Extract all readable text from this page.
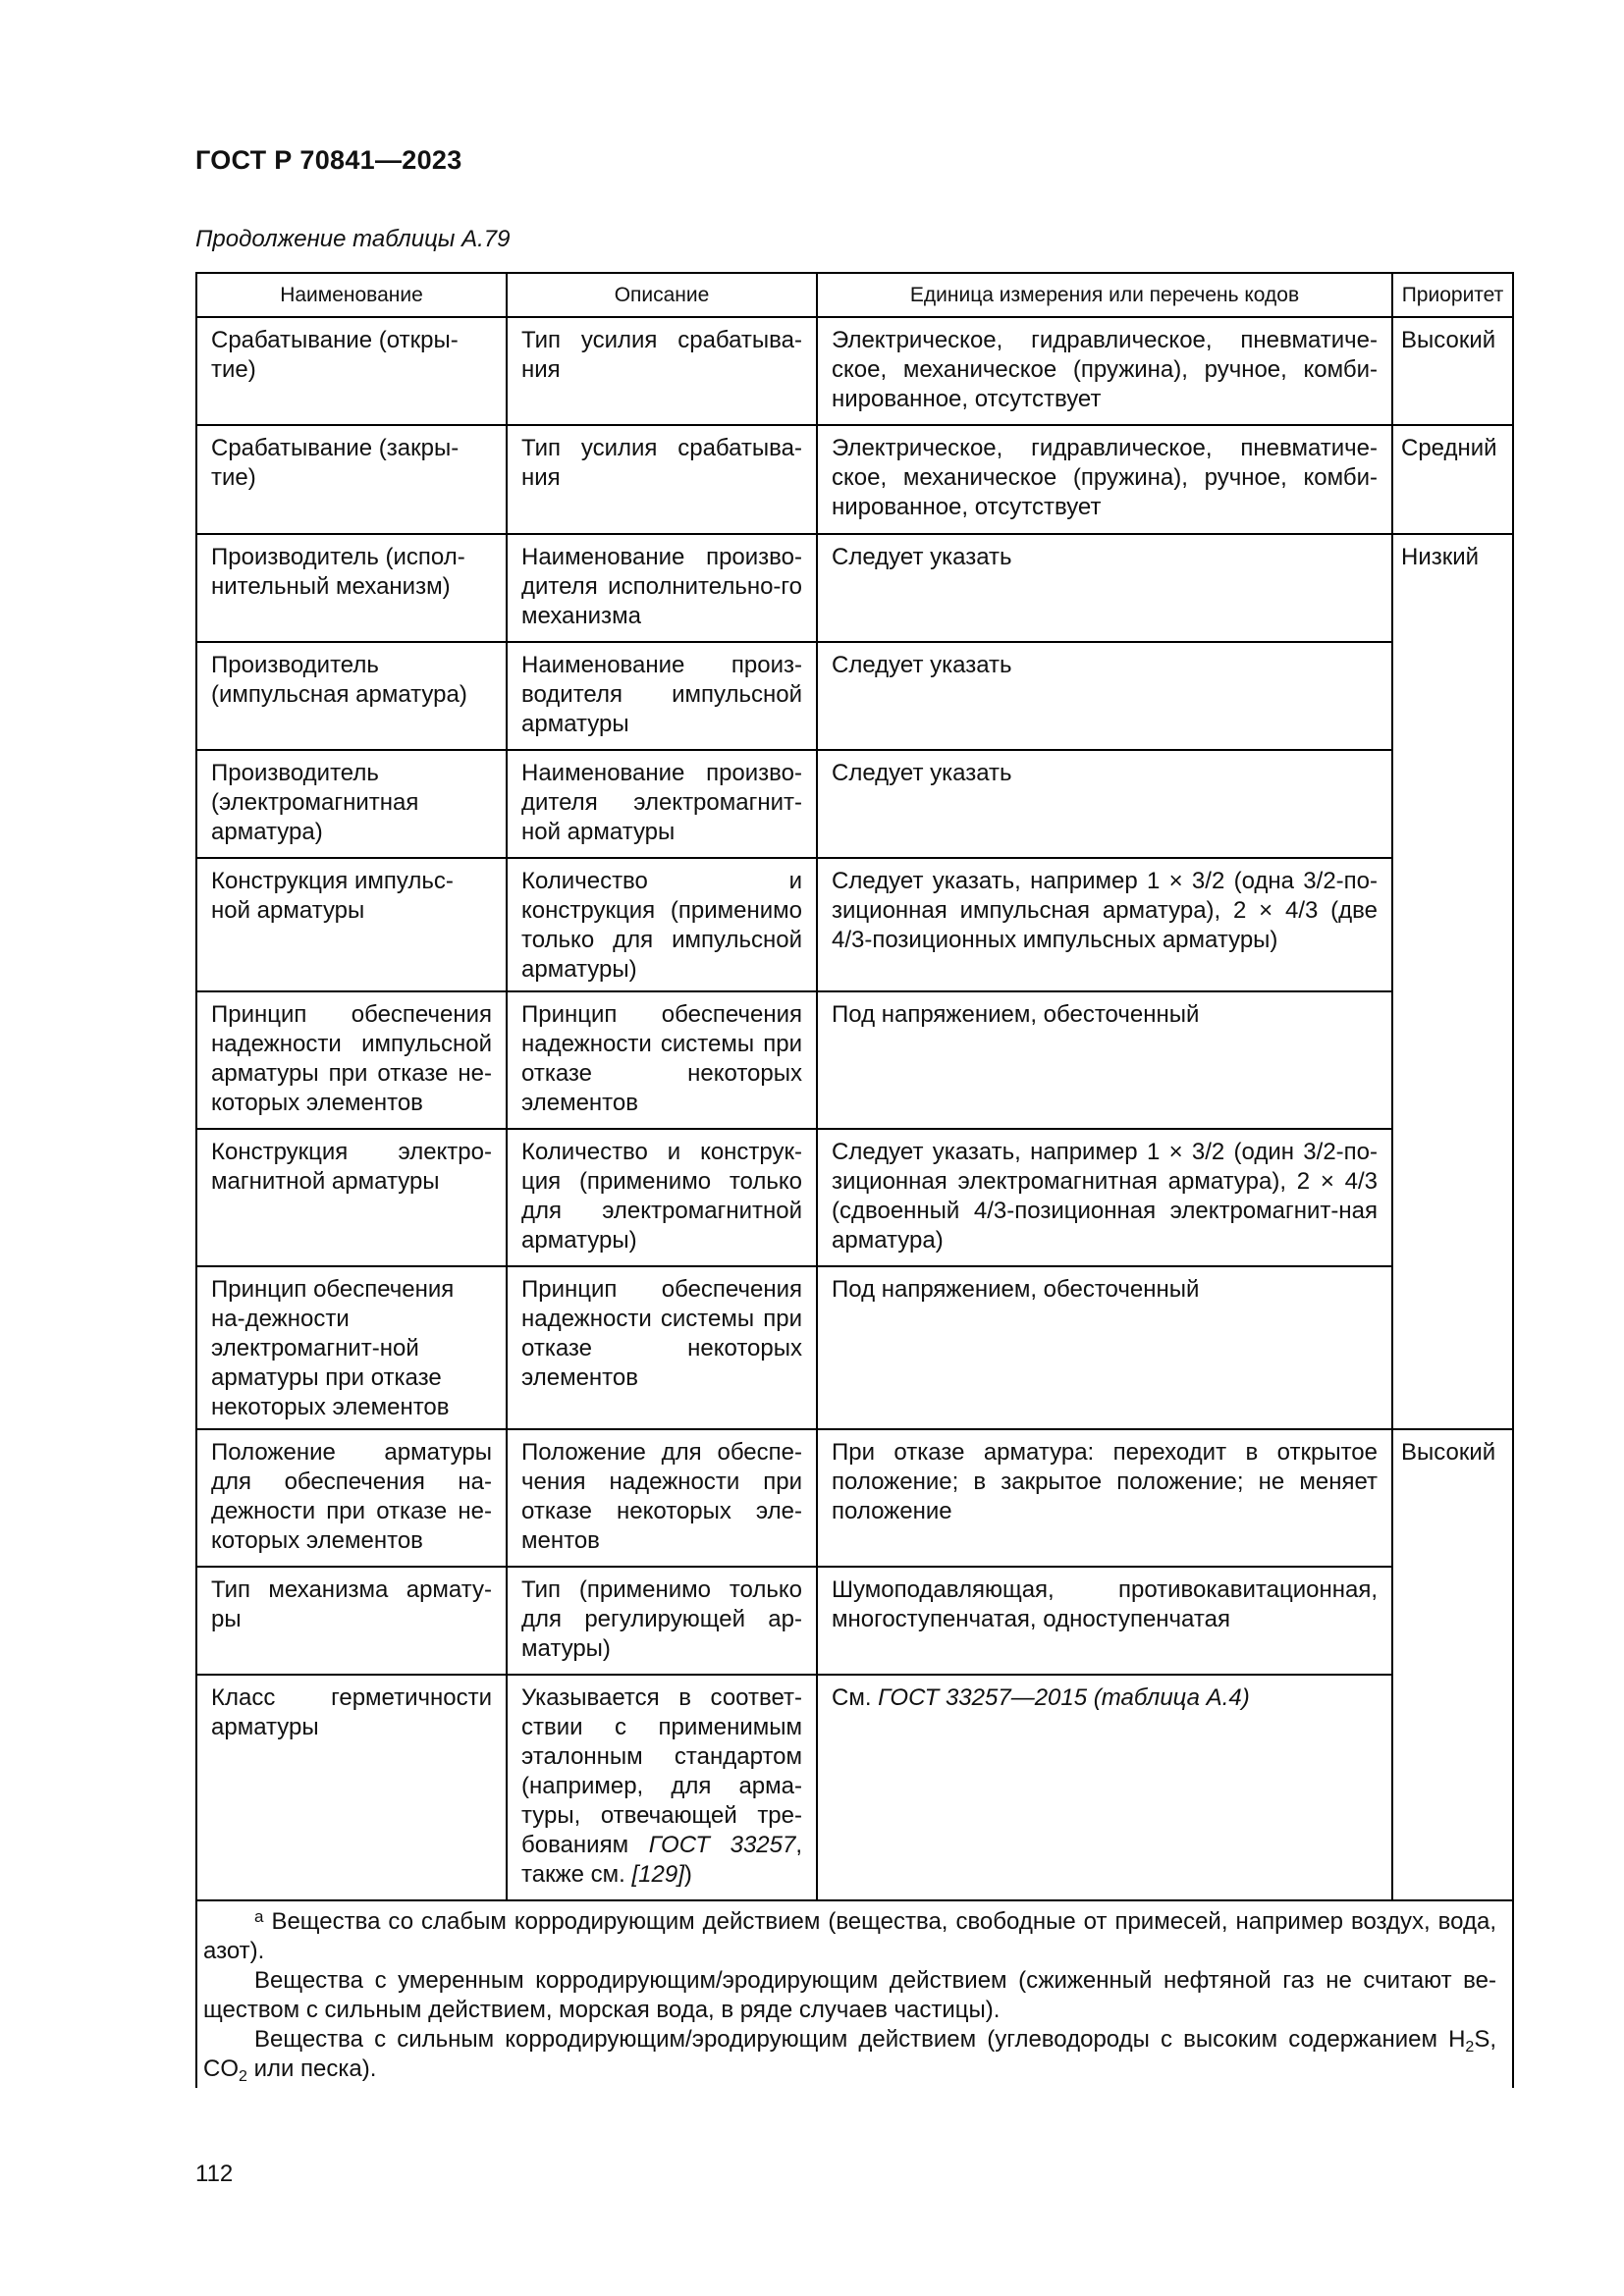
ГОСТ Р 70841—2023
Продолжение таблицы А.79
Наименование	Описание	Единица измерения или перечень кодов	Приоритет
Срабатывание (откры-тие)	Тип усилия срабатыва-ния	Электрическое, гидравлическое, пневматиче-ское, механическое (пружина), ручное, комби-нированное, отсутствует	Высокий
Срабатывание (закры-тие)	Тип усилия срабатыва-ния	Электрическое, гидравлическое, пневматиче-ское, механическое (пружина), ручное, комби-нированное, отсутствует	Средний
Производитель (испол-нительный механизм)	Наименование произво-дителя исполнительно-го механизма	Следует указать	Низкий
Производитель (импульсная арматура)	Наименование произ-водителя импульсной арматуры	Следует указать	
Производитель (электромагнитная арматура)	Наименование произво-дителя электромагнит-ной арматуры	Следует указать	
Конструкция импульс-ной арматуры	Количество и конструкция (применимо только для импульсной арматуры)	Следует указать, например 1 × 3/2 (одна 3/2-по-зиционная импульсная арматура), 2 × 4/3 (две 4/3-позиционных импульсных арматуры)	
Принцип обеспечения надежности импульсной арматуры при отказе не-которых элементов	Принцип обеспечения надежности системы при отказе некоторых элементов	Под напряжением, обесточенный	
Конструкция электро-магнитной арматуры	Количество и конструк-ция (применимо только для электромагнитной арматуры)	Следует указать, например 1 × 3/2 (один 3/2-по-зиционная электромагнитная арматура), 2 × 4/3 (сдвоенный 4/3-позиционная электромагнит-ная арматура)	
Принцип обеспечения на-дежности электромагнит-ной арматуры при отказе некоторых элементов	Принцип обеспечения надежности системы при отказе некоторых элементов	Под напряжением, обесточенный	
Положение арматуры для обеспечения на-дежности при отказе не-которых элементов	Положение для обеспе-чения надежности при отказе некоторых эле-ментов	При отказе арматура: переходит в открытое положение; в закрытое положение; не меняет положение	Высокий
Тип механизма армату-ры	Тип (применимо только для регулирующей ар-матуры)	Шумоподавляющая, противокавитационная, многоступенчатая, одноступенчатая	
Класс герметичности арматуры	Указывается в соответ-ствии с применимым эталонным стандартом (например, для арма-туры, отвечающей тре-бованиям ГОСТ 33257, также см. [129])	См. ГОСТ 33257—2015 (таблица А.4)	

$^а$ Вещества со слабым корродирующим действием (вещества, свободные от примесей, например воздух, вода, азот).

Вещества с умеренным корродирующим/эродирующим действием (сжиженный нефтяной газ не считают ве-ществом с сильным действием, морская вода, в ряде случаев частицы).

Вещества с сильным корродирующим/эродирующим действием (углеводороды с высоким содержанием $H_2S$, $CO_2$ или песка).			

112
